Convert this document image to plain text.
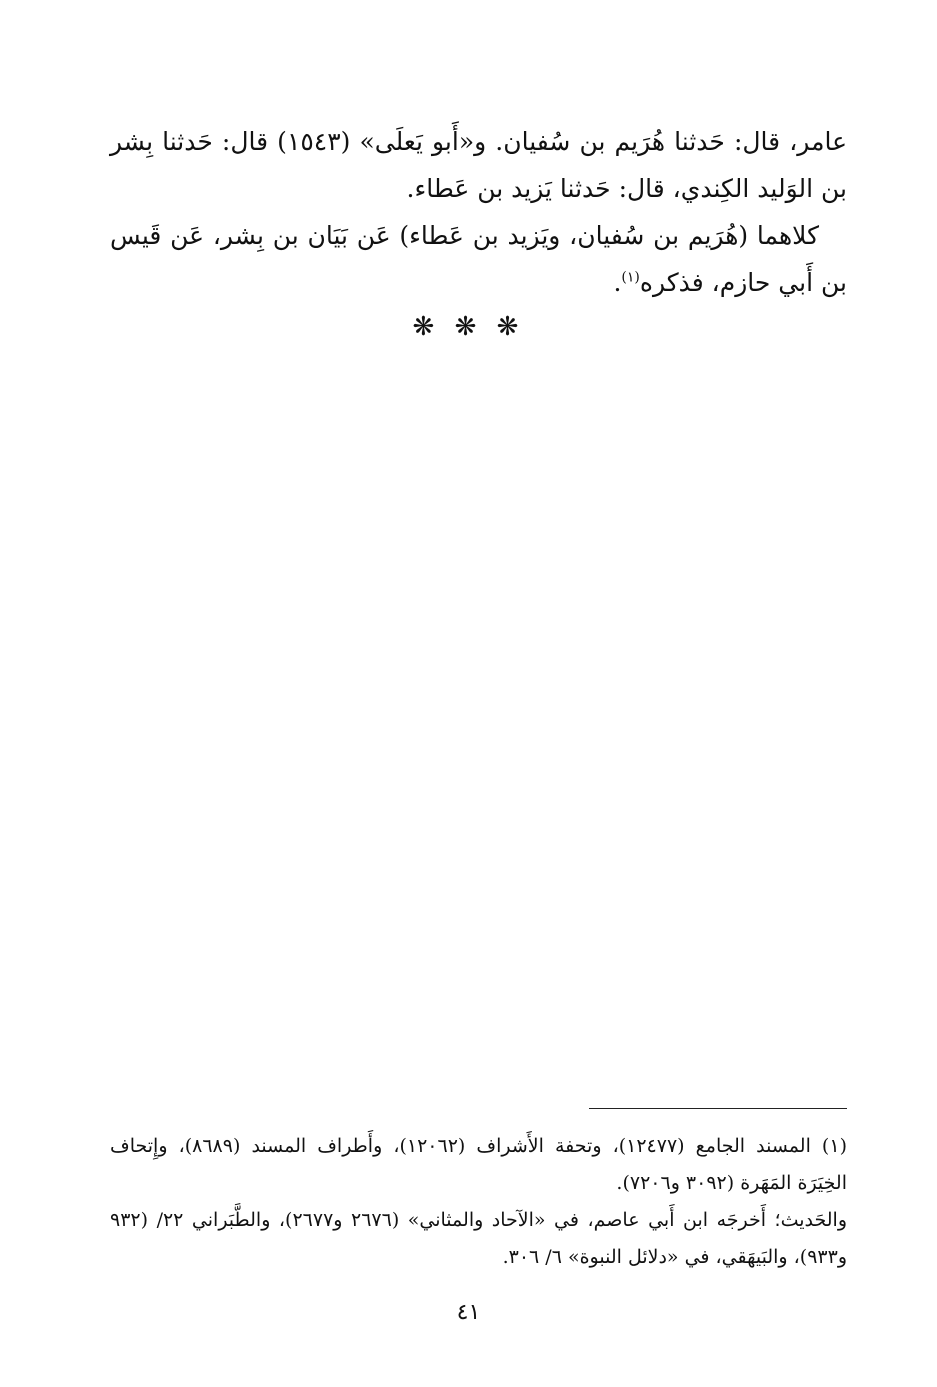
عامر، قال: حَدثنا هُرَيم بن سُفيان. و«أَبو يَعلَى» (١٥٤٣) قال: حَدثنا بِشر بن الوَليد الكِندي، قال: حَدثنا يَزيد بن عَطاء.

كلاهما (هُرَيم بن سُفيان، ويَزيد بن عَطاء) عَن بَيَان بن بِشر، عَن قَيس بن أَبي حازم، فذكره$^{(١)}$.

❋ ❋ ❋

(١) المسند الجامع (١٢٤٧٧)، وتحفة الأَشراف (١٢٠٦٢)، وأَطراف المسند (٨٦٨٩)، وإِتحاف الخِيَرَة المَهَرة (٣٠٩٢ و٧٢٠٦).

والحَديث؛ أَخرجَه ابن أَبي عاصم، في «الآحاد والمثاني» (٢٦٧٦ و٢٦٧٧)، والطَّبَراني ٢٢/ (٩٣٢ و٩٣٣)، والبَيهَقي، في «دلائل النبوة» ٦/ ٣٠٦.

٤١
